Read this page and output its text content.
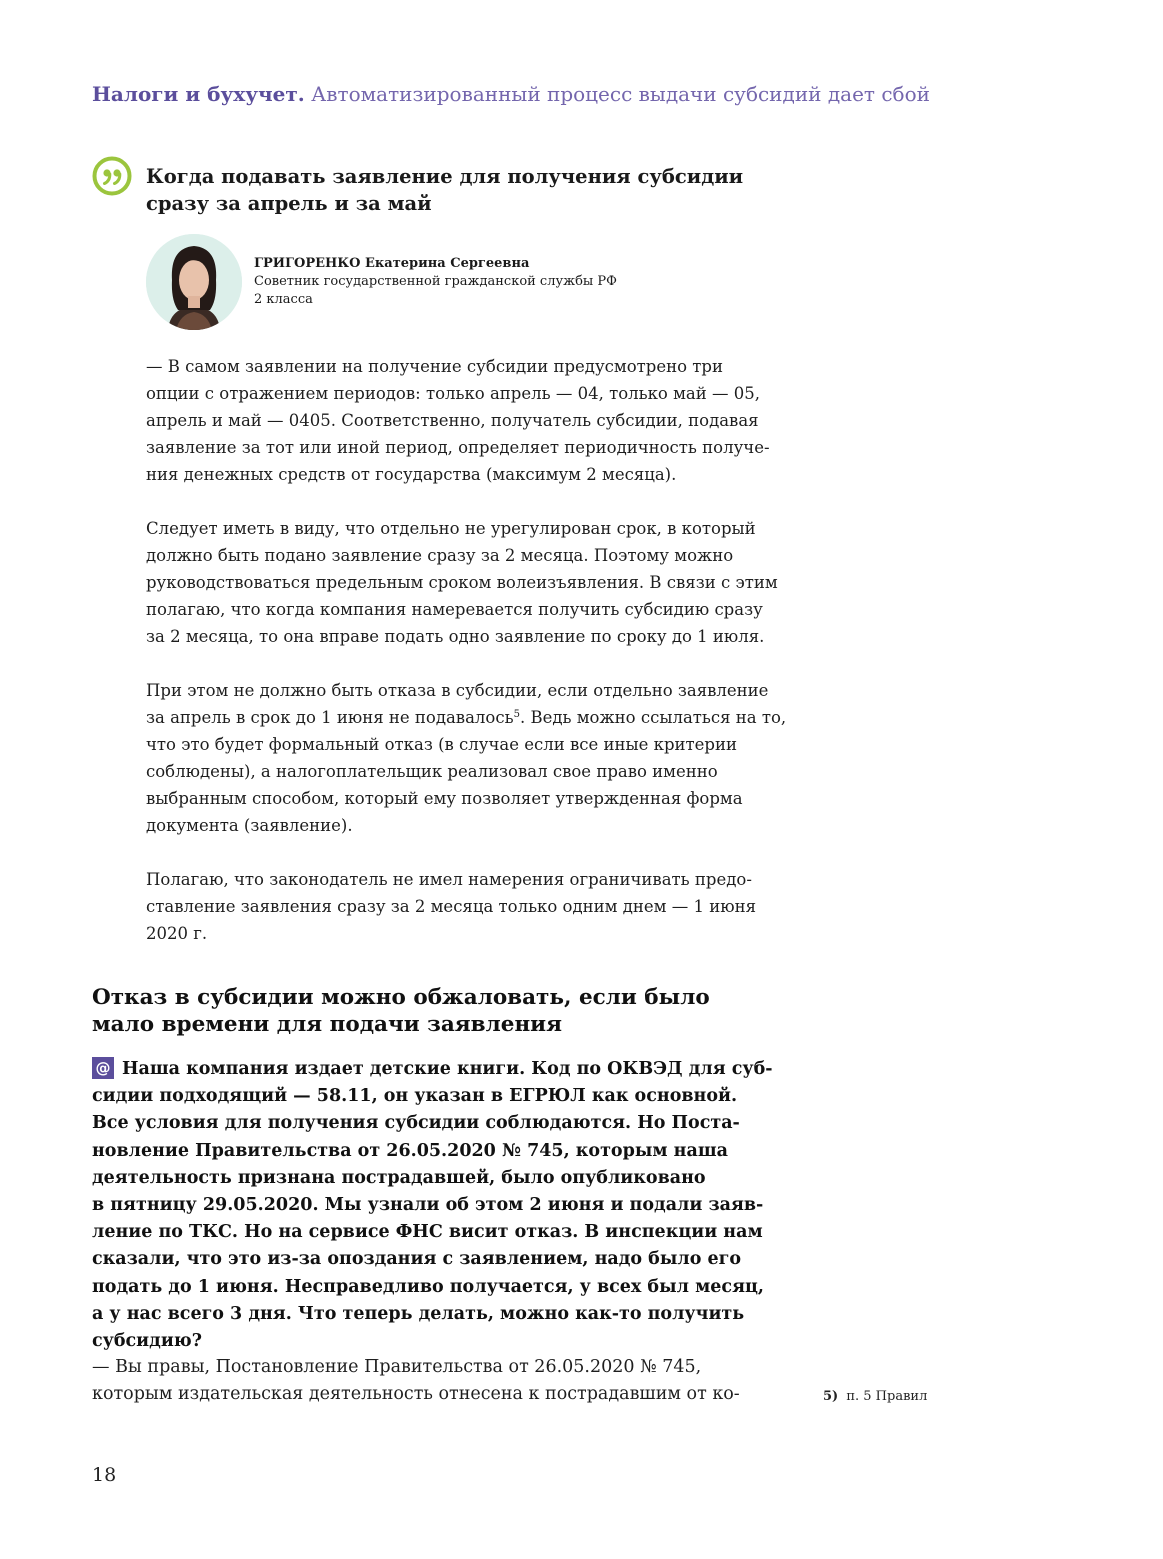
Налоги и бухучет. Автоматизированный процесс выдачи субсидий дает сбой
Когда подавать заявление для получения субсидии
сразу за апрель и за май
ГРИГОРЕНКО Екатерина Сергеевна
Советник государственной гражданской службы РФ
2 класса
— В самом заявлении на получение субсидии предусмотрено три
опции с отражением периодов: только апрель — 04, только май — 05,
апрель и май — 0405. Соответственно, получатель субсидии, подавая
заявление за тот или иной период, определяет периодичность получе-
ния денежных средств от государства (максимум 2 месяца).
Следует иметь в виду, что отдельно не урегулирован срок, в который
должно быть подано заявление сразу за 2 месяца. Поэтому можно
руководствоваться предельным сроком волеизъявления. В связи с этим
полагаю, что когда компания намеревается получить субсидию сразу
за 2 месяца, то она вправе подать одно заявление по сроку до 1 июля.
При этом не должно быть отказа в субсидии, если отдельно заявление
за апрель в срок до 1 июня не подавалось$^5$. Ведь можно ссылаться на то,
что это будет формальный отказ (в случае если все иные критерии
соблюдены), а налогоплательщик реализовал свое право именно
выбранным способом, который ему позволяет утвержденная форма
документа (заявление).
Полагаю, что законодатель не имел намерения ограничивать предо-
ставление заявления сразу за 2 месяца только одним днем — 1 июня
2020 г.
Отказ в субсидии можно обжаловать, если было
мало времени для подачи заявления
@ Наша компания издает детские книги. Код по ОКВЭД для суб-
сидии подходящий — 58.11, он указан в ЕГРЮЛ как основной.
Все условия для получения субсидии соблюдаются. Но Поста-
новление Правительства от 26.05.2020 № 745, которым наша
деятельность признана пострадавшей, было опубликовано
в пятницу 29.05.2020. Мы узнали об этом 2 июня и подали заяв-
ление по ТКС. Но на сервисе ФНС висит отказ. В инспекции нам
сказали, что это из-за опоздания с заявлением, надо было его
подать до 1 июня. Несправедливо получается, у всех был месяц,
а у нас всего 3 дня. Что теперь делать, можно как-то получить
субсидию?
— Вы правы, Постановление Правительства от 26.05.2020 № 745,
которым издательская деятельность отнесена к пострадавшим от ко-	5) п. 5 Правил
18
